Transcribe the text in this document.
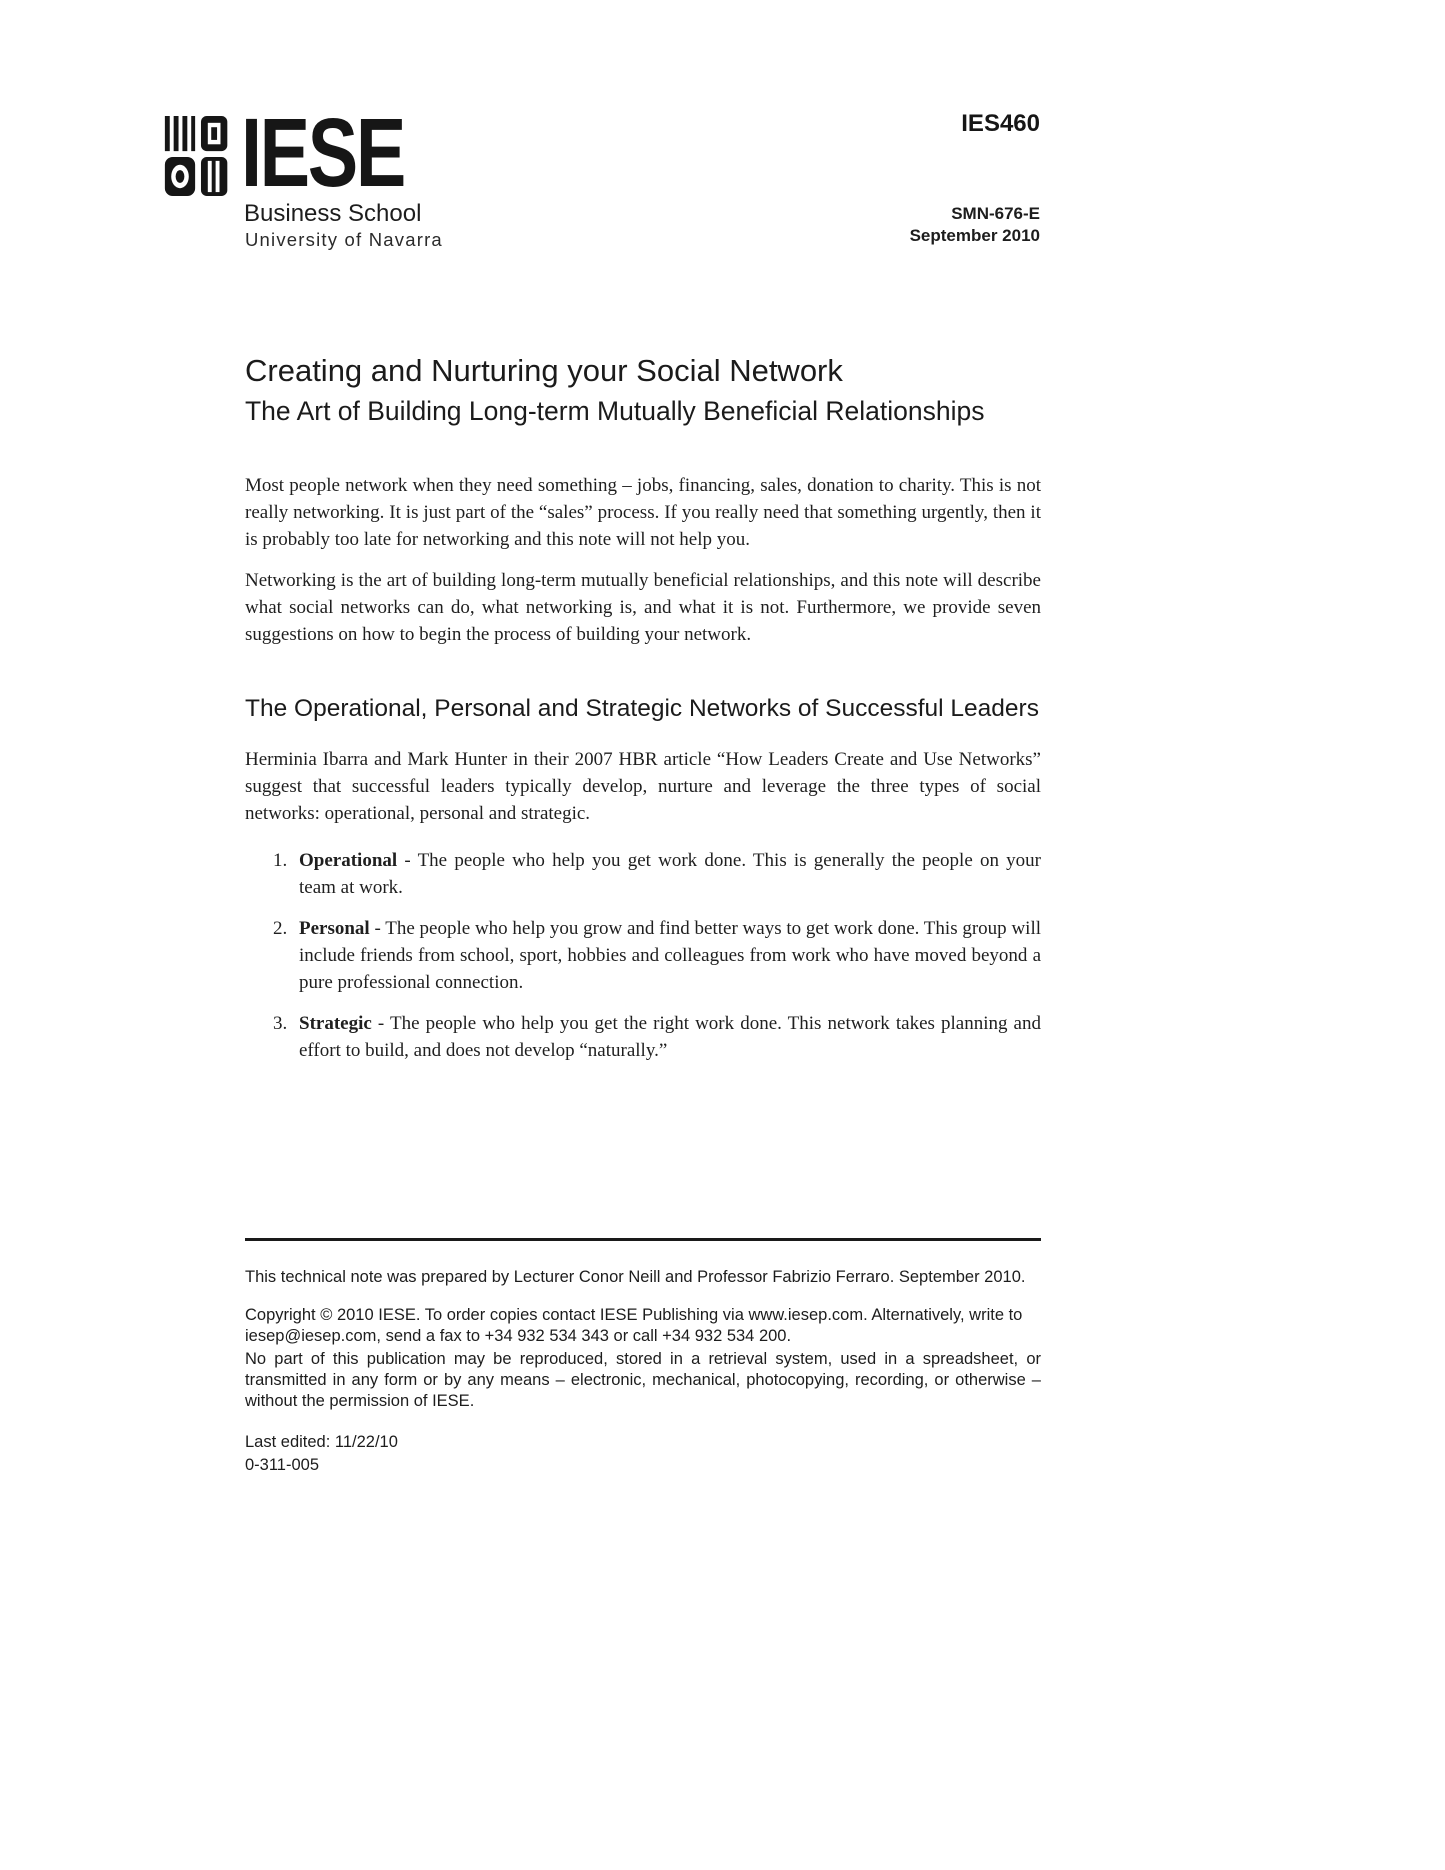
IESE
Business School
University of Navarra
IES460
SMN-676-E
September 2010
Creating and Nurturing your Social Network
The Art of Building Long-term Mutually Beneficial Relationships

Most people network when they need something – jobs, financing, sales, donation to charity. This is not really networking. It is just part of the “sales” process. If you really need that something urgently, then it is probably too late for networking and this note will not help you.

Networking is the art of building long-term mutually beneficial relationships, and this note will describe what social networks can do, what networking is, and what it is not. Furthermore, we provide seven suggestions on how to begin the process of building your network.

The Operational, Personal and Strategic Networks of Successful Leaders

Herminia Ibarra and Mark Hunter in their 2007 HBR article “How Leaders Create and Use Networks” suggest that successful leaders typically develop, nurture and leverage the three types of social networks: operational, personal and strategic.

1. Operational - The people who help you get work done. This is generally the people on your team at work.
2. Personal - The people who help you grow and find better ways to get work done. This group will include friends from school, sport, hobbies and colleagues from work who have moved beyond a pure professional connection.
3. Strategic - The people who help you get the right work done. This network takes planning and effort to build, and does not develop “naturally.”

This technical note was prepared by Lecturer Conor Neill and Professor Fabrizio Ferraro. September 2010.

Copyright © 2010 IESE. To order copies contact IESE Publishing via www.iesep.com. Alternatively, write to iesep@iesep.com, send a fax to +34 932 534 343 or call +34 932 534 200.

No part of this publication may be reproduced, stored in a retrieval system, used in a spreadsheet, or transmitted in any form or by any means – electronic, mechanical, photocopying, recording, or otherwise – without the permission of IESE.

Last edited: 11/22/10

0-311-005
